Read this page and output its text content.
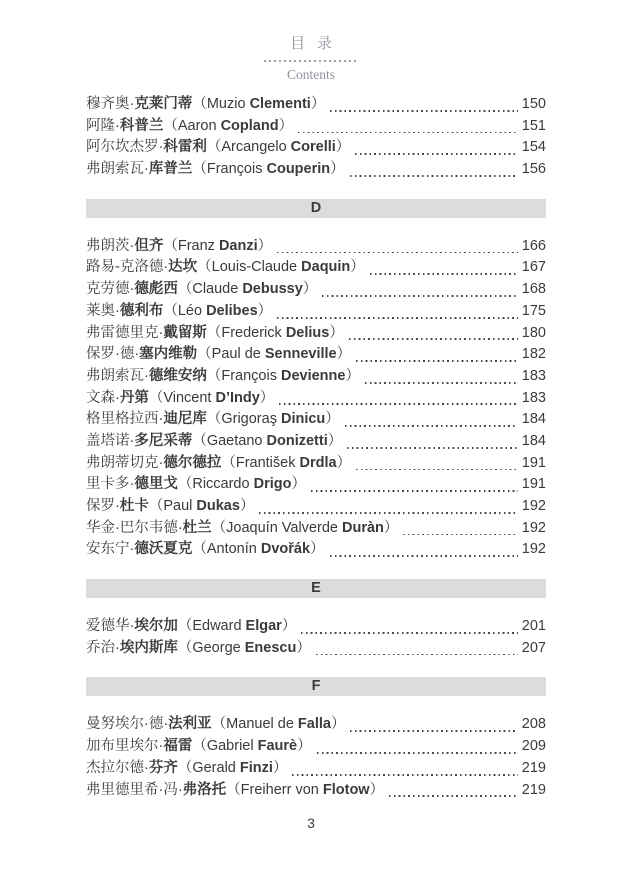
目 录
Contents
穆齐奥·克莱门蒂（Muzio Clementi）	150
阿隆·科普兰（Aaron Copland）	151
阿尔坎杰罗·科雷利（Arcangelo Corelli）	154
弗朗索瓦·库普兰（François Couperin）	156
D
弗朗茨·但齐（Franz Danzi）	166
路易-克洛德·达坎（Louis-Claude Daquin）	167
克劳德·德彪西（Claude Debussy）	168
莱奥·德利布（Léo Delibes）	175
弗雷德里克·戴留斯（Frederick Delius）	180
保罗·德·塞内维勒（Paul de Senneville）	182
弗朗索瓦·德维安纳（François Devienne）	183
文森·丹第（Vincent D’Indy）	183
格里格拉西·迪尼库（Grigoraş Dinicu）	184
盖塔诺·多尼采蒂（Gaetano Donizetti）	184
弗朗蒂切克·德尔德拉（František Drdla）	191
里卡多·德里戈（Riccardo Drigo）	191
保罗·杜卡（Paul Dukas）	192
华金·巴尔韦德·杜兰（Joaquín Valverde Duràn）	192
安东宁·德沃夏克（Antonín Dvořák）	192
E
爱德华·埃尔加（Edward Elgar）	201
乔治·埃内斯库（George Enescu）	207
F
曼努埃尔·德·法利亚（Manuel de Falla）	208
加布里埃尔·福雷（Gabriel Faurè）	209
杰拉尔德·芬齐（Gerald Finzi）	219
弗里德里希·冯·弗洛托（Freiherr von Flotow）	219
3
